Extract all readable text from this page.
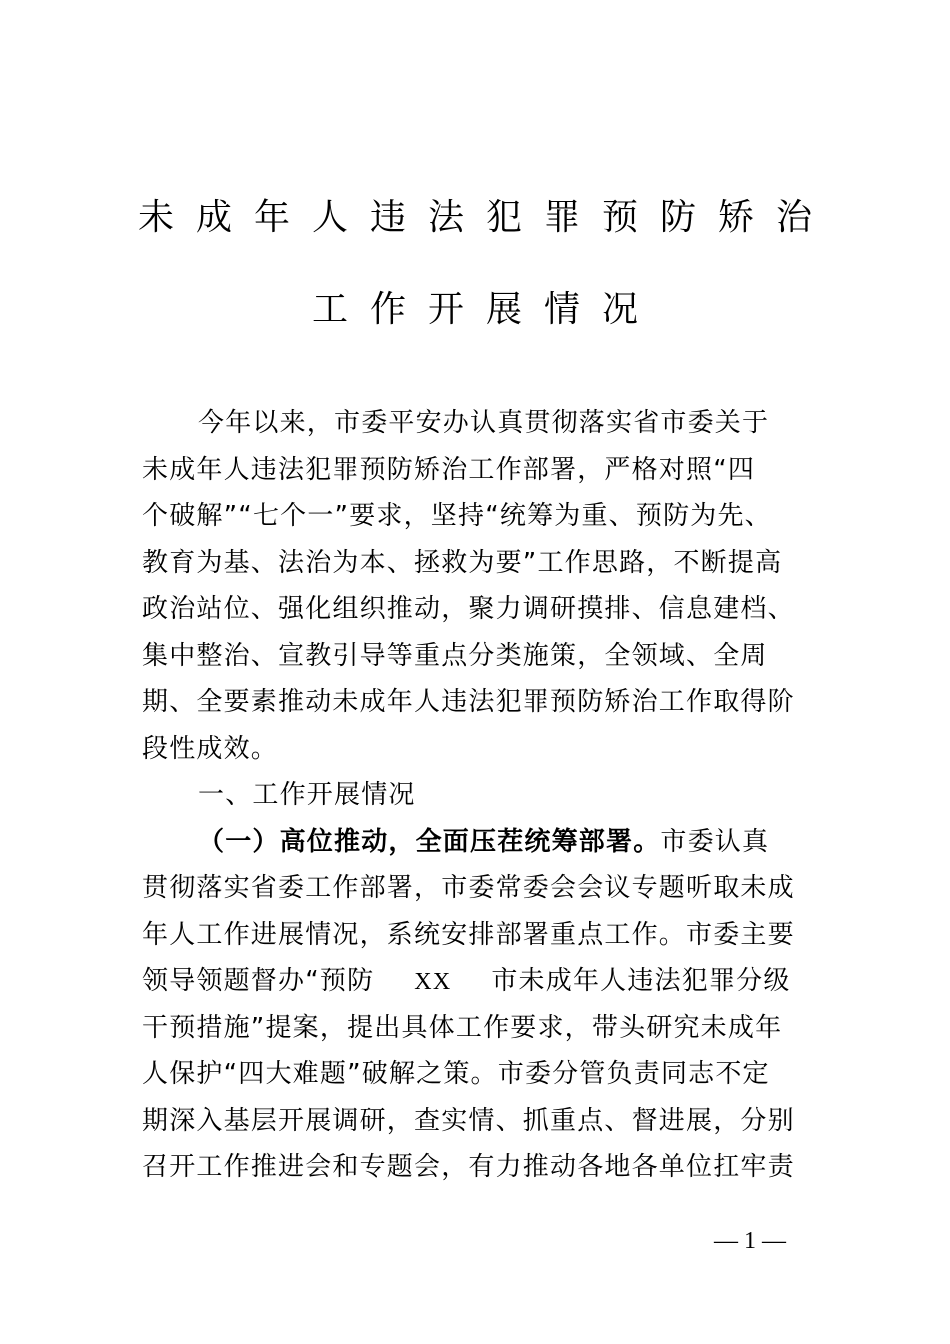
未成年人违法犯罪预防矫治
工作开展情况
今年以来，市委平安办认真贯彻落实省市委关于
未成年人违法犯罪预防矫治工作部署，严格对照“四
个破解”“七个一”要求，坚持“统筹为重、预防为先、
教育为基、法治为本、拯救为要”工作思路，不断提高
政治站位、强化组织推动，聚力调研摸排、信息建档、
集中整治、宣教引导等重点分类施策，全领域、全周
期、全要素推动未成年人违法犯罪预防矫治工作取得阶
段性成效。
一、工作开展情况
（一）高位推动，全面压茬统筹部署。市委认真
贯彻落实省委工作部署，市委常委会会议专题听取未成
年人工作进展情况，系统安排部署重点工作。市委主要
领导领题督办“预防 XX 市未成年人违法犯罪分级
干预措施”提案，提出具体工作要求，带头研究未成年
人保护“四大难题”破解之策。市委分管负责同志不定
期深入基层开展调研，查实情、抓重点、督进展，分别
召开工作推进会和专题会，有力推动各地各单位扛牢责
— 1 —
